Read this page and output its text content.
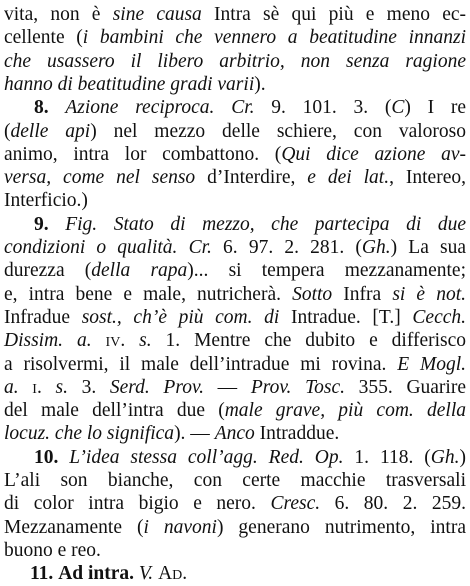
vita, non è sine causa Intra sè qui più e meno ec-
cellente (i bambini che vennero a beatitudine innanzi
che usassero il libero arbitrio, non senza ragione
hanno di beatitudine gradi varii).
8. Azione reciproca. Cr. 9. 101. 3. (C) I re
(delle api) nel mezzo delle schiere, con valoroso
animo, intra lor combattono. (Qui dice azione av-
versa, come nel senso d’Interdire, e dei lat., Intereo,
Interficio.)
9. Fig. Stato di mezzo, che partecipa di due
condizioni o qualità. Cr. 6. 97. 2. 281. (Gh.) La sua
durezza (della rapa)... si tempera mezzanamente;
e, intra bene e male, nutricherà. Sotto Infra si è not.
Infradue sost., ch’è più com. di Intradue. [T.] Cecch.
Dissim. a. iv. s. 1. Mentre che dubito e differisco
a risolvermi, il male dell’intradue mi rovina. E Mogl.
a. i. s. 3. Serd. Prov. — Prov. Tosc. 355. Guarire
del male dell’intra due (male grave, più com. della
locuz. che lo significa). — Anco Intraddue.
10. L’idea stessa coll’agg. Red. Op. 1. 118. (Gh.)
L’ali son bianche, con certe macchie trasversali
di color intra bigio e nero. Cresc. 6. 80. 2. 259.
Mezzanamente (i navoni) generano nutrimento, intra
buono e reo.
11. Ad intra. V. Ad.
